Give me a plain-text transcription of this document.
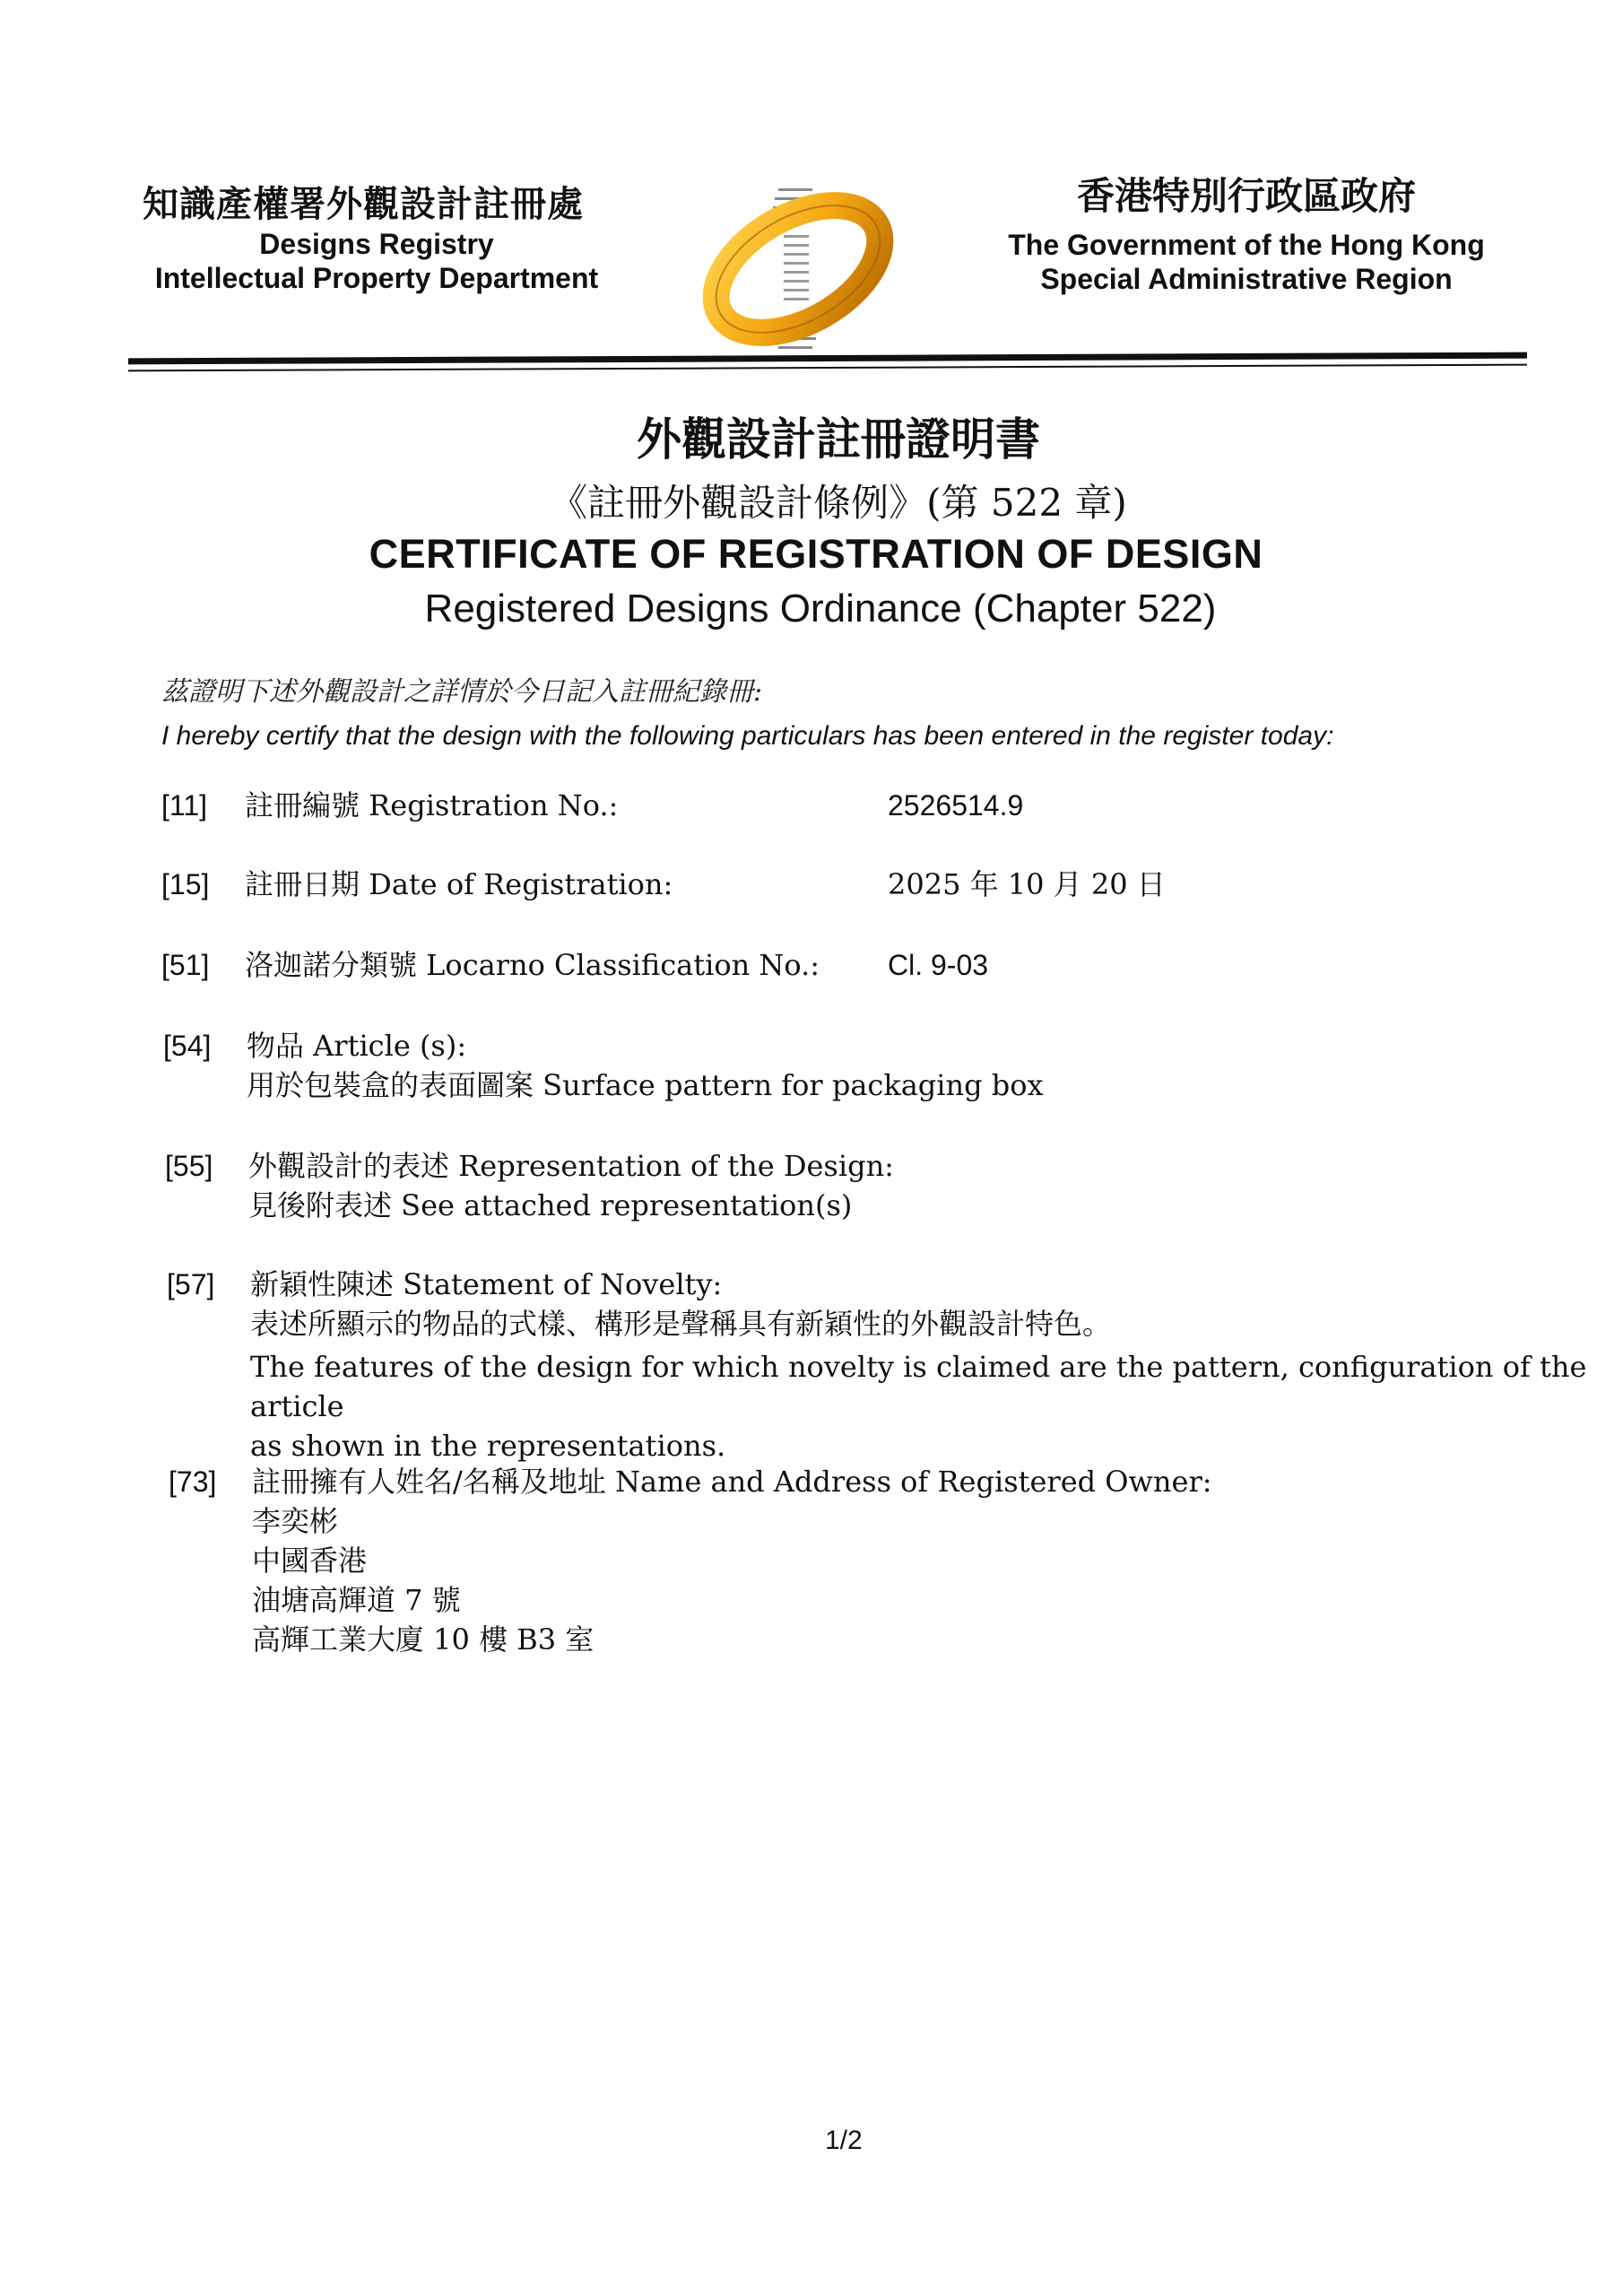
知識產權署外觀設計註冊處
Designs Registry
Intellectual Property Department
香港特別行政區政府
The Government of the Hong Kong
Special Administrative Region
外觀設計註冊證明書
《註冊外觀設計條例》(第 522 章)
CERTIFICATE OF REGISTRATION OF DESIGN
Registered Designs Ordinance (Chapter 522)
茲證明下述外觀設計之詳情於今日記入註冊紀錄冊:
I hereby certify that the design with the following particulars has been entered in the register today:
[11]	註冊編號 Registration No.:	2526514.9
[15]	註冊日期 Date of Registration:	2025 年 10 月 20 日
[51]	洛迦諾分類號 Locarno Classification No.:	Cl. 9-03
[54]	物品 Article (s):
用於包裝盒的表面圖案 Surface pattern for packaging box
[55]	外觀設計的表述 Representation of the Design:
見後附表述 See attached representation(s)
[57]	新穎性陳述 Statement of Novelty:
表述所顯示的物品的式樣、構形是聲稱具有新穎性的外觀設計特色。
The features of the design for which novelty is claimed are the pattern, configuration of the article
as shown in the representations.
[73]	註冊擁有人姓名/名稱及地址 Name and Address of Registered Owner:
李奕彬
中國香港
油塘高輝道 7 號
高輝工業大廈 10 樓 B3 室
1/2
